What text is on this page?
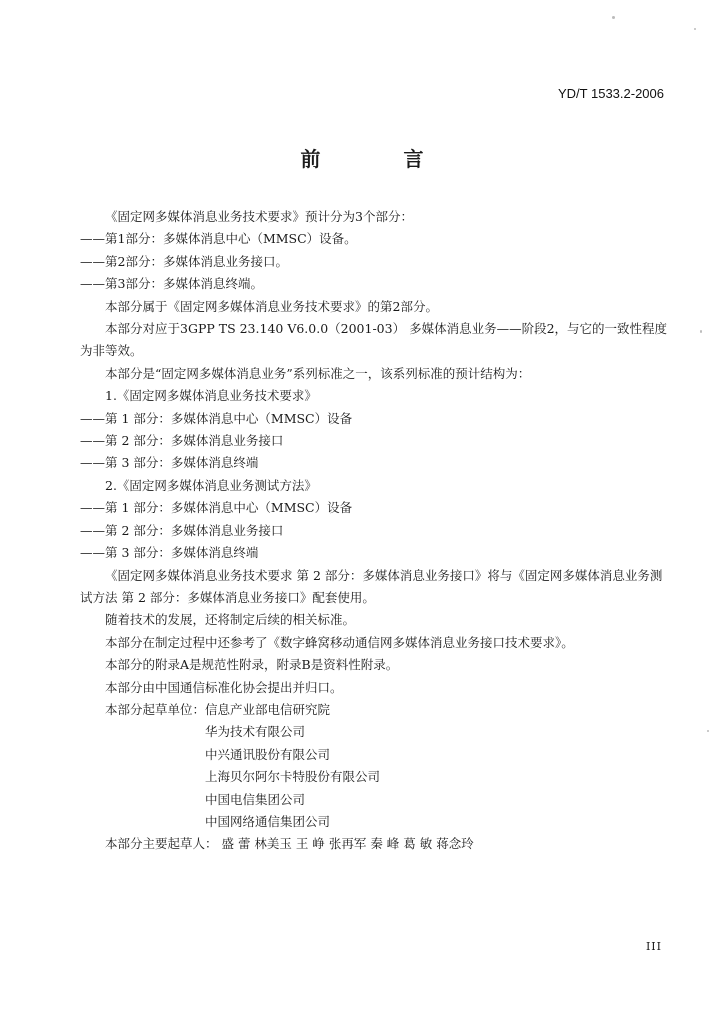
YD/T 1533.2-2006
前 言

《固定网多媒体消息业务技术要求》预计分为3个部分：

——第1部分：多媒体消息中心（MMSC）设备。

——第2部分：多媒体消息业务接口。

——第3部分：多媒体消息终端。

本部分属于《固定网多媒体消息业务技术要求》的第2部分。

本部分对应于3GPP TS 23.140 V6.0.0（2001-03） 多媒体消息业务——阶段2，与它的一致性程度为非等效。

本部分是“固定网多媒体消息业务”系列标准之一，该系列标准的预计结构为：

1.《固定网多媒体消息业务技术要求》

——第 1 部分：多媒体消息中心（MMSC）设备

——第 2 部分：多媒体消息业务接口

——第 3 部分：多媒体消息终端

2.《固定网多媒体消息业务测试方法》

——第 1 部分：多媒体消息中心（MMSC）设备

——第 2 部分：多媒体消息业务接口

——第 3 部分：多媒体消息终端

《固定网多媒体消息业务技术要求 第 2 部分：多媒体消息业务接口》将与《固定网多媒体消息业务测试方法 第 2 部分：多媒体消息业务接口》配套使用。

随着技术的发展，还将制定后续的相关标准。

本部分在制定过程中还参考了《数字蜂窝移动通信网多媒体消息业务接口技术要求》。

本部分的附录A是规范性附录，附录B是资料性附录。

本部分由中国通信标准化协会提出并归口。

本部分起草单位：信息产业部电信研究院

华为技术有限公司

中兴通讯股份有限公司

上海贝尔阿尔卡特股份有限公司

中国电信集团公司

中国网络通信集团公司

本部分主要起草人： 盛 蕾 林美玉 王 峥 张再军 秦 峰 葛 敏 蒋念玲

III
